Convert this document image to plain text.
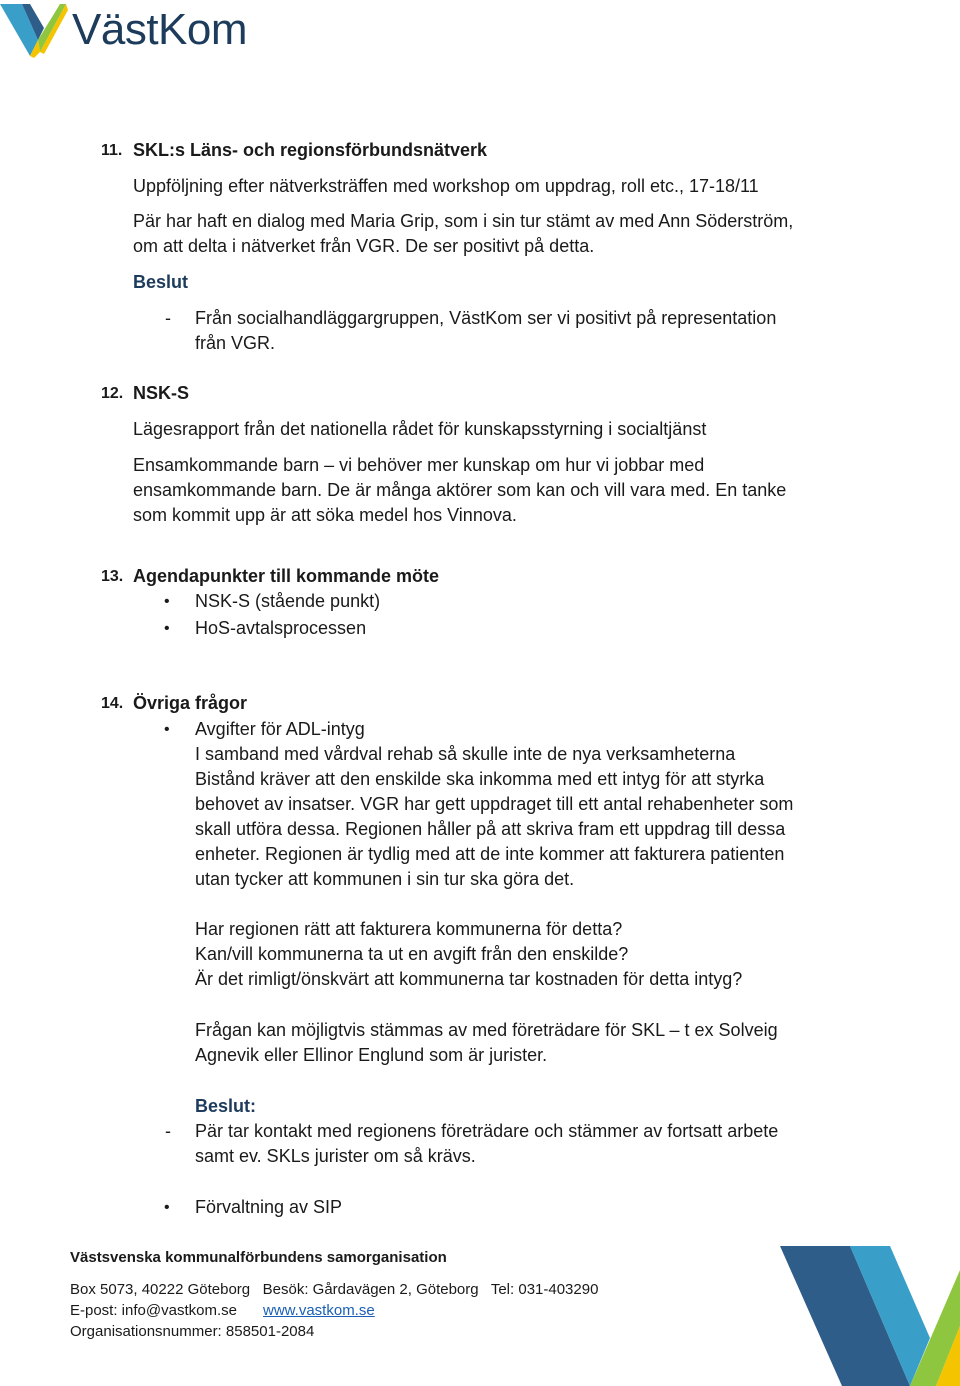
VästKom
11. SKL:s Läns- och regionsförbundsnätverk
Uppföljning efter nätverksträffen med workshop om uppdrag, roll etc., 17-18/11
Pär har haft en dialog med Maria Grip, som i sin tur stämt av med Ann Söderström,
om att delta i nätverket från VGR. De ser positivt på detta.
Beslut
- Från socialhandläggargruppen, VästKom ser vi positivt på representation
från VGR.
12. NSK-S
Lägesrapport från det nationella rådet för kunskapsstyrning i socialtjänst
Ensamkommande barn – vi behöver mer kunskap om hur vi jobbar med
ensamkommande barn. De är många aktörer som kan och vill vara med. En tanke
som kommit upp är att söka medel hos Vinnova.
13. Agendapunkter till kommande möte
• NSK-S (stående punkt)
• HoS-avtalsprocessen
14. Övriga frågor
• Avgifter för ADL-intyg
I samband med vårdval rehab så skulle inte de nya verksamheterna
Bistånd kräver att den enskilde ska inkomma med ett intyg för att styrka
behovet av insatser. VGR har gett uppdraget till ett antal rehabenheter som
skall utföra dessa. Regionen håller på att skriva fram ett uppdrag till dessa
enheter. Regionen är tydlig med att de inte kommer att fakturera patienten
utan tycker att kommunen i sin tur ska göra det.
Har regionen rätt att fakturera kommunerna för detta?
Kan/vill kommunerna ta ut en avgift från den enskilde?
Är det rimligt/önskvärt att kommunerna tar kostnaden för detta intyg?
Frågan kan möjligtvis stämmas av med företrädare för SKL – t ex Solveig
Agnevik eller Ellinor Englund som är jurister.
Beslut:
- Pär tar kontakt med regionens företrädare och stämmer av fortsatt arbete
samt ev. SKLs jurister om så krävs.
• Förvaltning av SIP
Västsvenska kommunalförbundens samorganisation
Box 5073, 40222 Göteborg   Besök: Gårdavägen 2, Göteborg   Tel: 031-403290
E-post: info@vastkom.se www.vastkom.se
Organisationsnummer: 858501-2084
